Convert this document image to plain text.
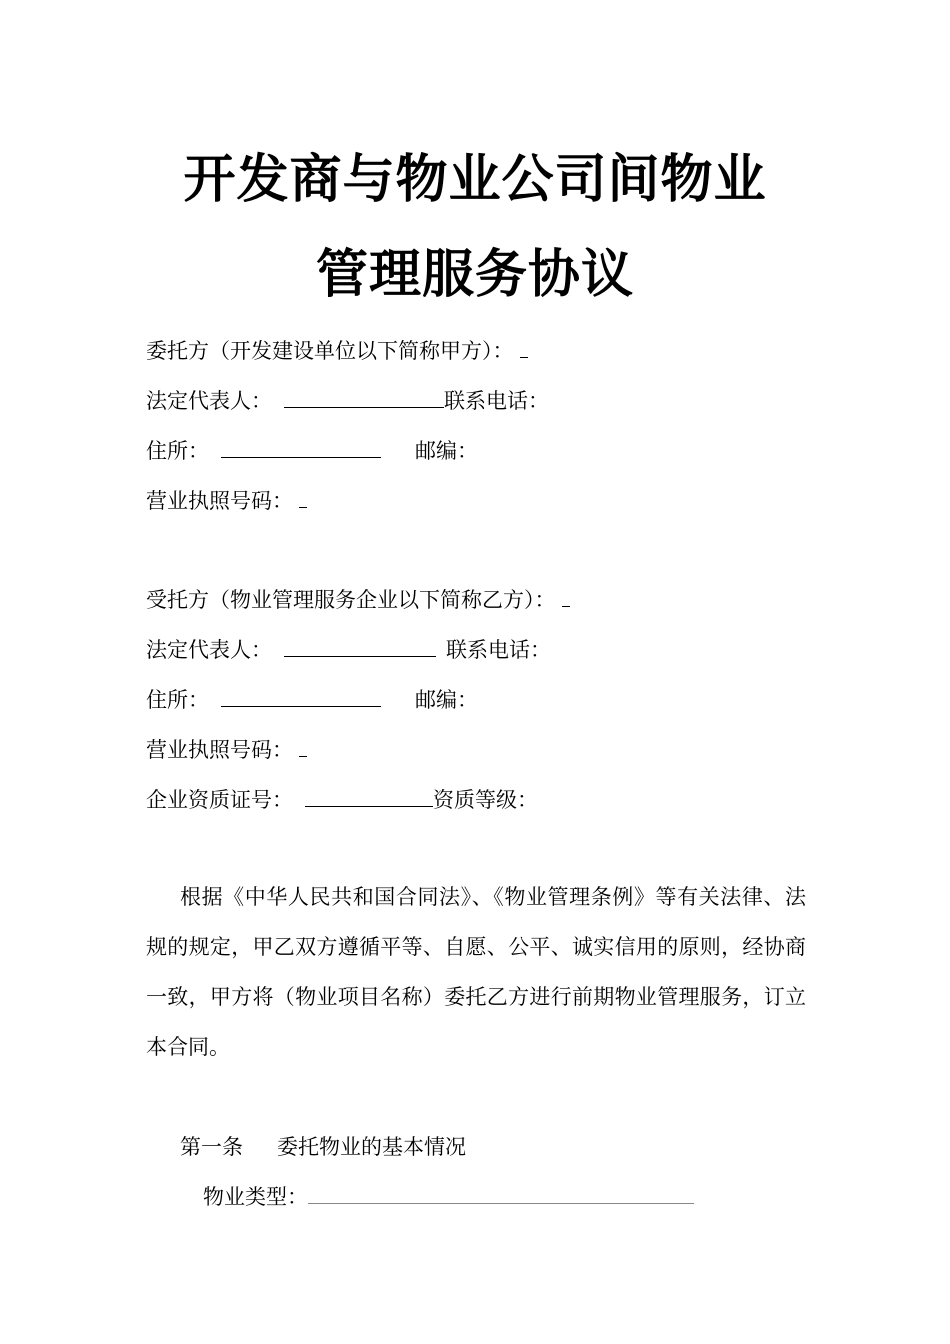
开发商与物业公司间物业
管理服务协议
委托方（开发建设单位以下简称甲方）：
法定代表人：	联系电话：
住所：	邮编：
营业执照号码：
受托方（物业管理服务企业以下简称乙方）：
法定代表人：	联系电话：
住所：	邮编：
营业执照号码：
企业资质证号：	资质等级：
根据《中华人民共和国合同法》、《物业管理条例》等有关法律、法规的规定，甲乙双方遵循平等、自愿、公平、诚实信用的原则，经协商一致，甲方将（物业项目名称）委托乙方进行前期物业管理服务，订立本合同。
第一条 委托物业的基本情况
物业类型：
